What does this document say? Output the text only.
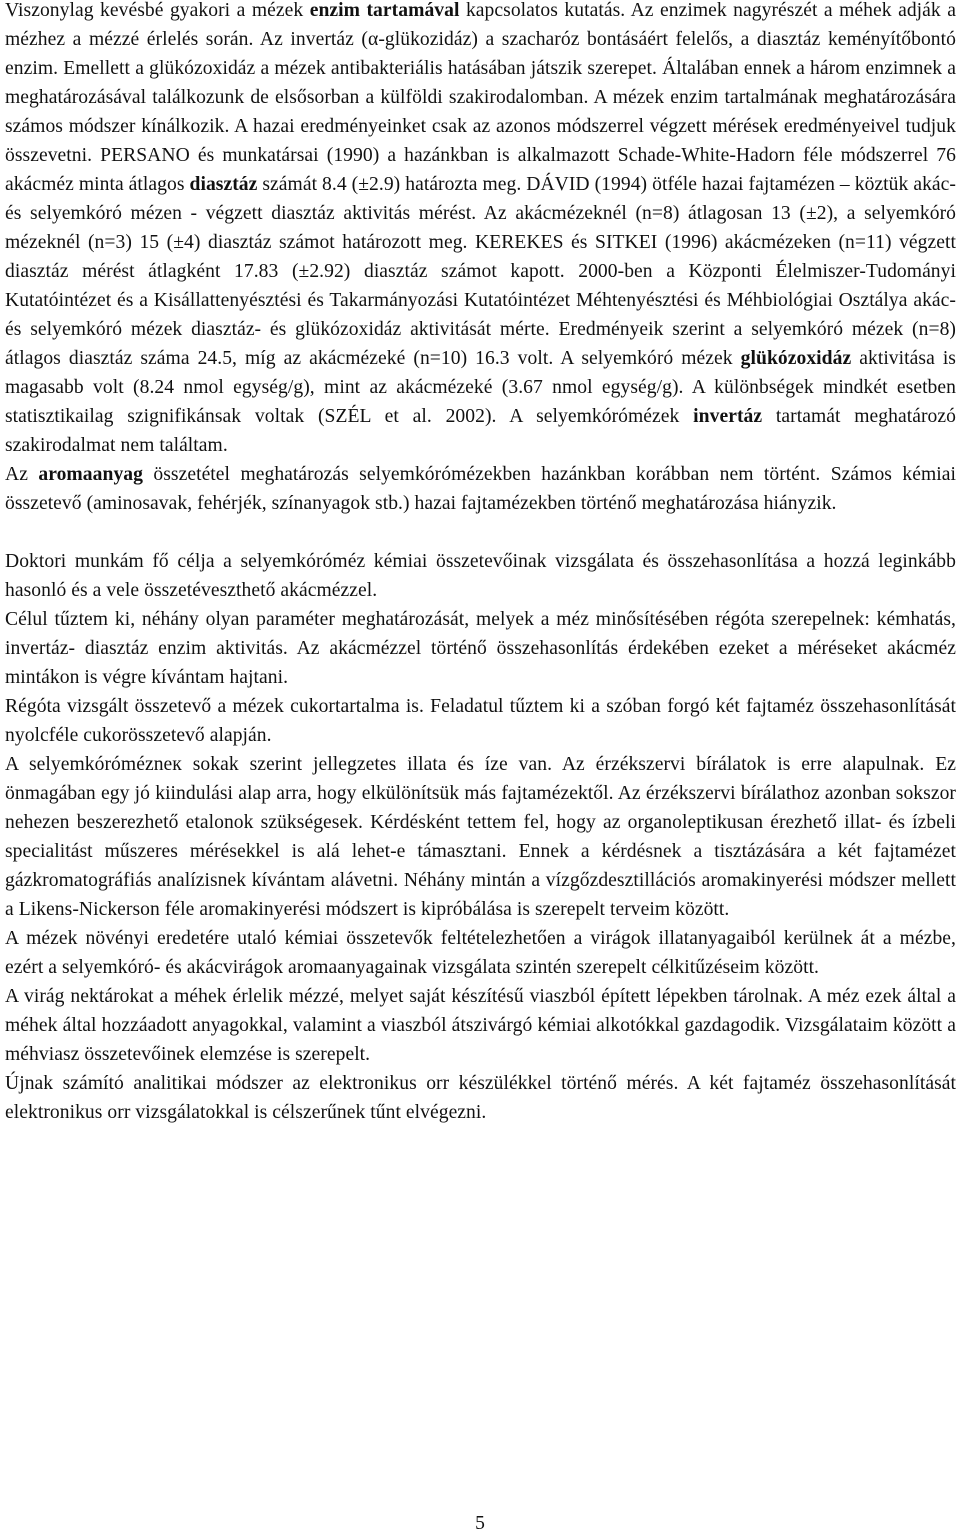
Viszonylag kevésbé gyakori a mézek enzim tartamával kapcsolatos kutatás. Az enzimek nagyrészét a méhek adják a mézhez a mézzé érlelés során. Az invertáz (α-glükozidáz) a szacharóz bontásáért felelős, a diasztáz keményítőbontó enzim. Emellett a glükózoxidáz a mézek antibakteriális hatásában játszik szerepet. Általában ennek a három enzimnek a meghatározásával találkozunk de elsősorban a külföldi szakirodalomban. A mézek enzim tartalmának meghatározására számos módszer kínálkozik. A hazai eredményeinket csak az azonos módszerrel végzett mérések eredményeivel tudjuk összevetni. PERSANO és munkatársai (1990) a hazánkban is alkalmazott Schade-White-Hadorn féle módszerrel 76 akácméz minta átlagos diasztáz számát 8.4 (±2.9) határozta meg. DÁVID (1994) ötféle hazai fajtamézen – köztük akác- és selyemkóró mézen - végzett diasztáz aktivitás mérést. Az akácmézeknél (n=8) átlagosan 13 (±2), a selyemkóró mézeknél (n=3) 15 (±4) diasztáz számot határozott meg. KEREKES és SITKEI (1996) akácmézeken (n=11) végzett diasztáz mérést átlagként 17.83 (±2.92) diasztáz számot kapott. 2000-ben a Központi Élelmiszer-Tudományi Kutatóintézet és a Kisállattenyésztési és Takarmányozási Kutatóintézet Méhtenyésztési és Méhbiológiai Osztálya akác- és selyemkóró mézek diasztáz- és glükózoxidáz aktivitását mérte. Eredményeik szerint a selyemkóró mézek (n=8) átlagos diasztáz száma 24.5, míg az akácmézeké (n=10) 16.3 volt. A selyemkóró mézek glükózoxidáz aktivitása is magasabb volt (8.24 nmol egység/g), mint az akácmézeké (3.67 nmol egység/g). A különbségek mindkét esetben statisztikailag szignifikánsak voltak (SZÉL et al. 2002). A selyemkórómézek invertáz tartamát meghatározó szakirodalmat nem találtam.

Az aromaanyag összetétel meghatározás selyemkórómézekben hazánkban korábban nem történt. Számos kémiai összetevő (aminosavak, fehérjék, színanyagok stb.) hazai fajtamézekben történő meghatározása hiányzik.

Doktori munkám fő célja a selyemkóróméz kémiai összetevőinak vizsgálata és összehasonlítása a hozzá leginkább hasonló és a vele összetéveszthető akácmézzel.

Célul tűztem ki, néhány olyan paraméter meghatározását, melyek a méz minősítésében régóta szerepelnek: kémhatás, invertáz- diasztáz enzim aktivitás. Az akácmézzel történő összehasonlítás érdekében ezeket a méréseket akácméz mintákon is végre kívántam hajtani.

Régóta vizsgált összetevő a mézek cukortartalma is. Feladatul tűztem ki a szóban forgó két fajtaméz összehasonlítását nyolcféle cukorösszetevő alapján.

A selyemkórómézneк sokak szerint jellegzetes illata és íze van. Az érzékszervi bírálatok is erre alapulnak. Ez önmagában egy jó kiindulási alap arra, hogy elkülönítsük más fajtamézektől. Az érzékszervi bírálathoz azonban sokszor nehezen beszerezhető etalonok szükségesek. Kérdésként tettem fel, hogy az organoleptikusan érezhető illat- és ízbeli specialitást műszeres mérésekkel is alá lehet-e támasztani. Ennek a kérdésnek a tisztázására a két fajtamézet gázkromatográfiás analízisnek kívántam alávetni. Néhány mintán a vízgőzdesztillációs aromakinyerési módszer mellett a Likens-Nickerson féle aromakinyerési módszert is kipróbálása is szerepelt terveim között.

A mézek növényi eredetére utaló kémiai összetevők feltételezhetően a virágok illatanyagaiból kerülnek át a mézbe, ezért a selyemkóró- és akácvirágok aromaanyagainak vizsgálata szintén szerepelt célkitűzéseim között.

A virág nektárokat a méhek érlelik mézzé, melyet saját készítésű viaszból épített lépekben tárolnak. A méz ezek által a méhek által hozzáadott anyagokkal, valamint a viaszból átszivárgó kémiai alkotókkal gazdagodik. Vizsgálataim között a méhviasz összetevőinek elemzése is szerepelt.

Újnak számító analitikai módszer az elektronikus orr készülékkel történő mérés. A két fajtaméz összehasonlítását elektronikus orr vizsgálatokkal is célszerűnek tűnt elvégezni.

5
